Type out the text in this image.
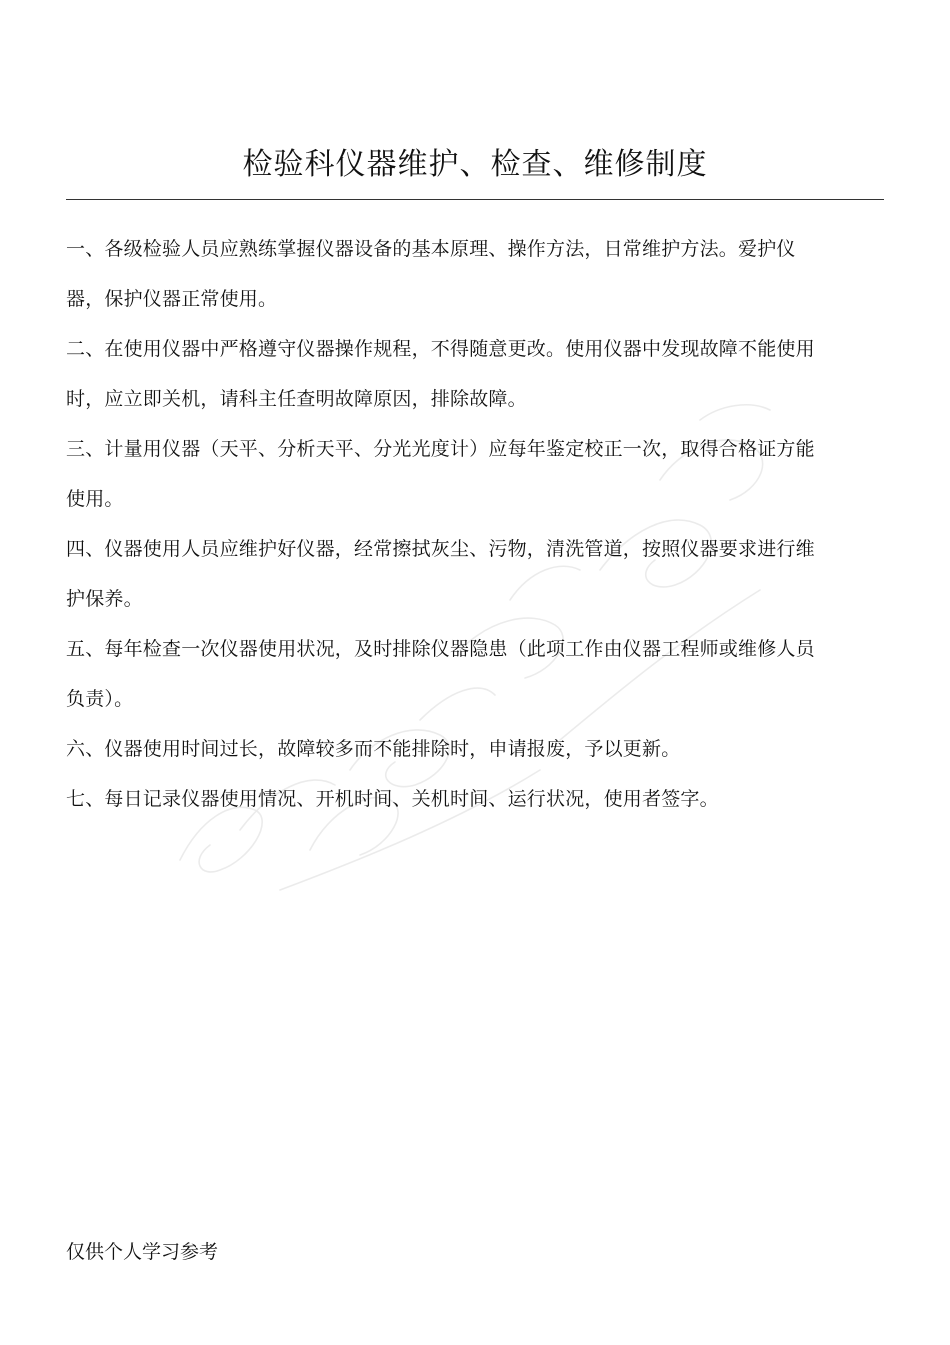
检验科仪器维护、检查、维修制度

一、各级检验人员应熟练掌握仪器设备的基本原理、操作方法，日常维护方法。爱护仪器，保护仪器正常使用。

二、在使用仪器中严格遵守仪器操作规程，不得随意更改。使用仪器中发现故障不能使用时，应立即关机，请科主任查明故障原因，排除故障。

三、计量用仪器（天平、分析天平、分光光度计）应每年鉴定校正一次，取得合格证方能使用。

四、仪器使用人员应维护好仪器，经常擦拭灰尘、污物，清洗管道，按照仪器要求进行维护保养。

五、每年检查一次仪器使用状况，及时排除仪器隐患（此项工作由仪器工程师或维修人员负责）。

六、仪器使用时间过长，故障较多而不能排除时，申请报废，予以更新。

七、每日记录仪器使用情况、开机时间、关机时间、运行状况，使用者签字。

仅供个人学习参考
